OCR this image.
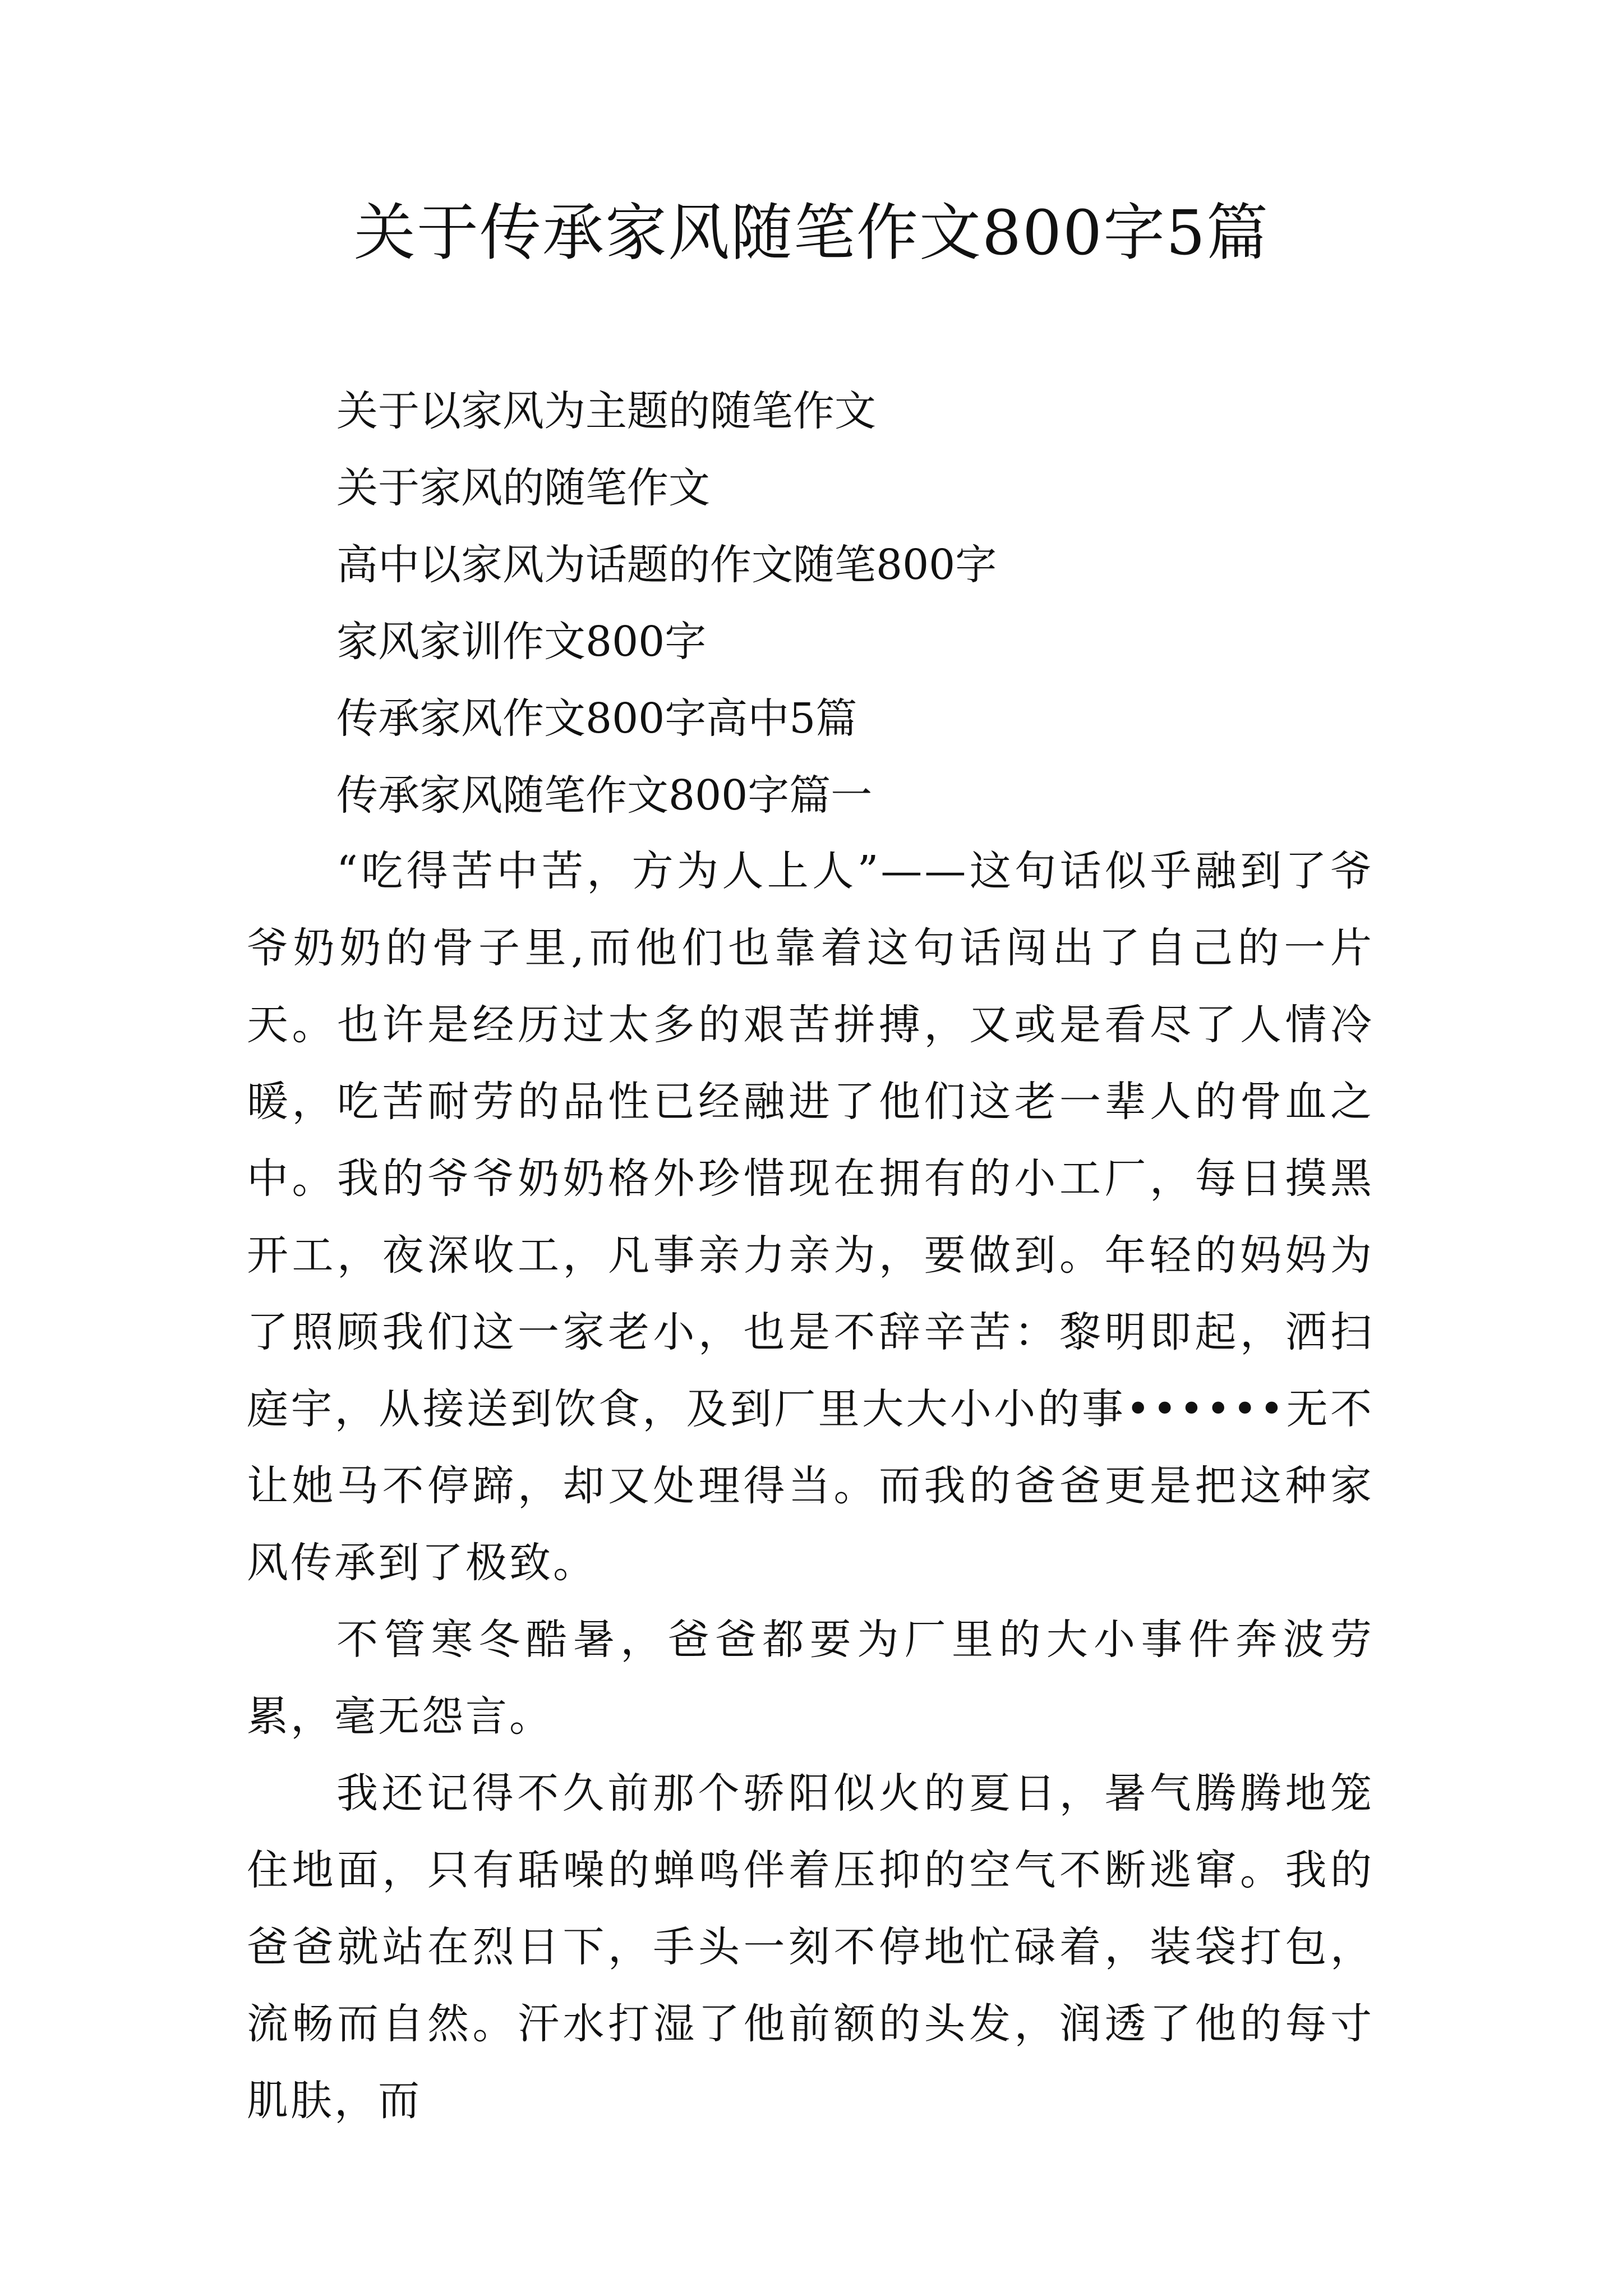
关于传承家风随笔作文800字5篇
关于以家风为主题的随笔作文
关于家风的随笔作文
高中以家风为话题的作文随笔800字
家风家训作文800字
传承家风作文800字高中5篇
传承家风随笔作文800字篇一

“吃得苦中苦，方为人上人”——这句话似乎融到了爷爷奶奶的骨子里,而他们也靠着这句话闯出了自己的一片天。也许是经历过太多的艰苦拼搏，又或是看尽了人情冷暖，吃苦耐劳的品性已经融进了他们这老一辈人的骨血之中。我的爷爷奶奶格外珍惜现在拥有的小工厂，每日摸黑开工，夜深收工，凡事亲力亲为，要做到。年轻的妈妈为了照顾我们这一家老小，也是不辞辛苦：黎明即起，洒扫庭宇，从接送到饮食，及到厂里大大小小的事••••••无不让她马不停蹄，却又处理得当。而我的爸爸更是把这种家风传承到了极致。

不管寒冬酷暑，爸爸都要为厂里的大小事件奔波劳累，毫无怨言。

我还记得不久前那个骄阳似火的夏日，暑气腾腾地笼住地面，只有聒噪的蝉鸣伴着压抑的空气不断逃窜。我的爸爸就站在烈日下，手头一刻不停地忙碌着，装袋打包，流畅而自然。汗水打湿了他前额的头发，润透了他的每寸肌肤，而
